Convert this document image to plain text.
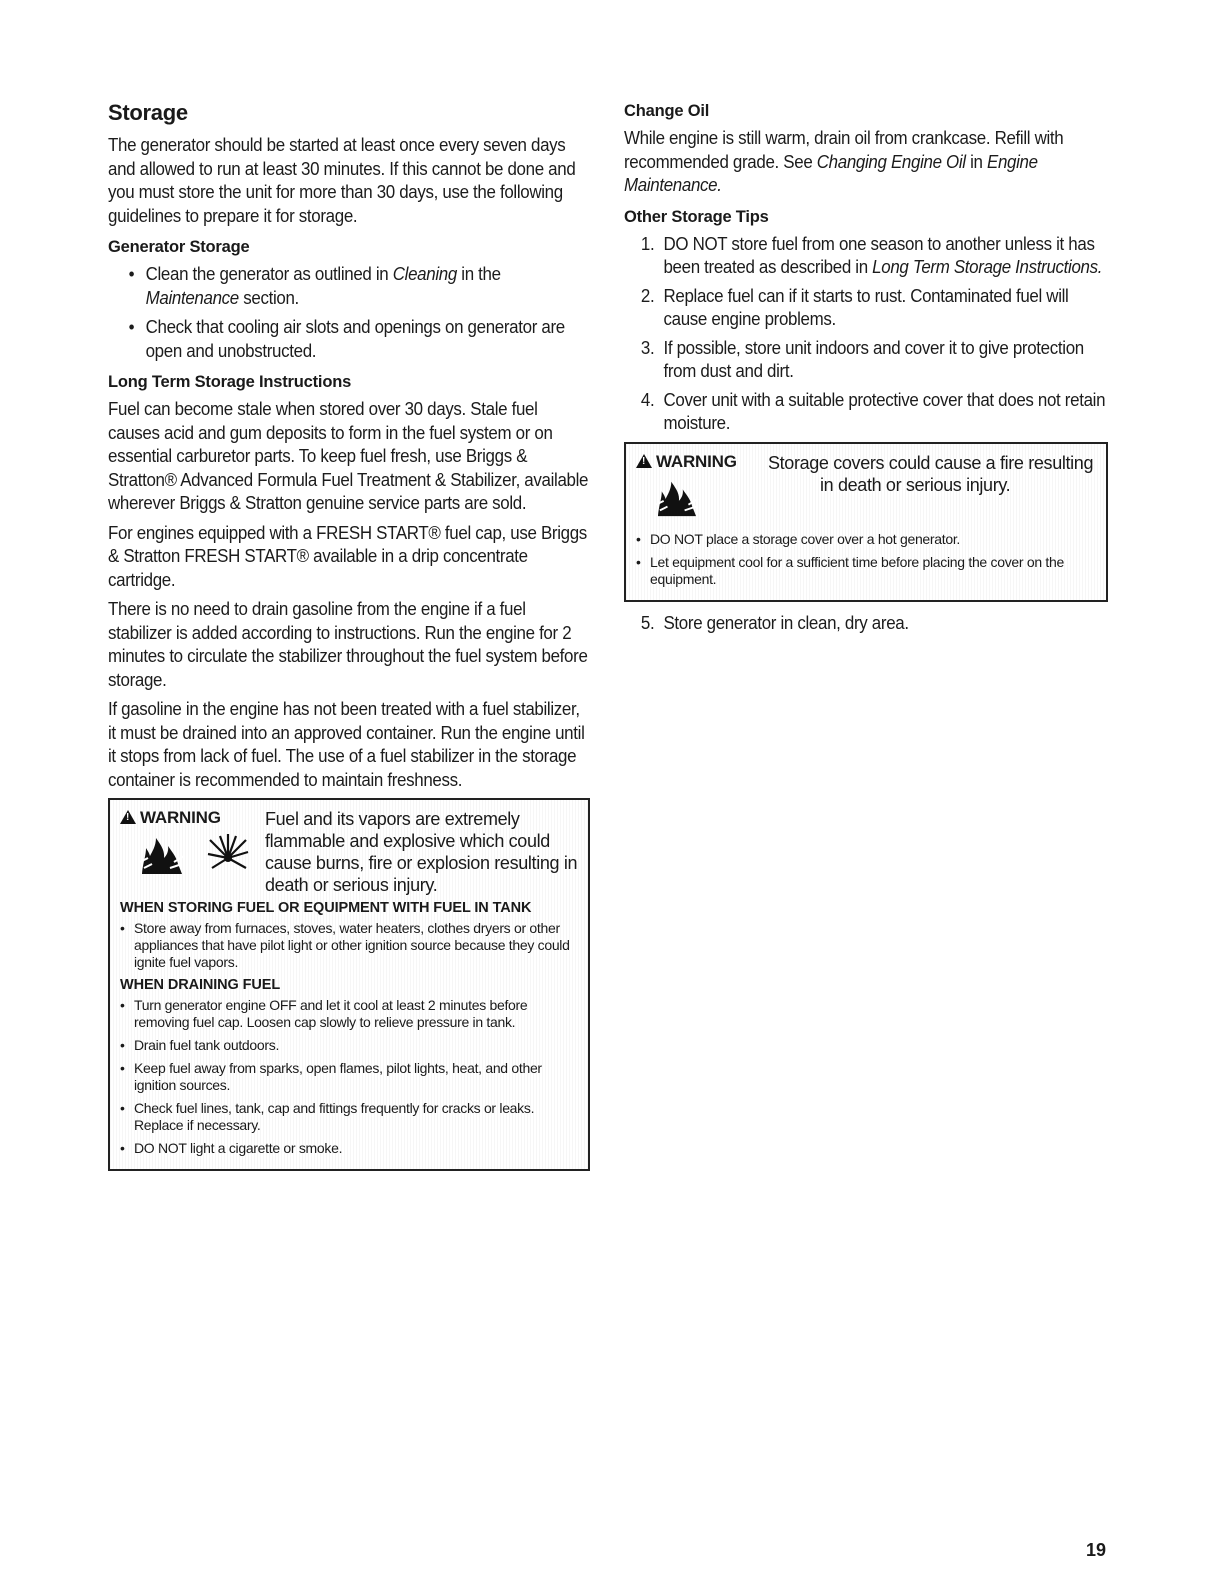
Storage

The generator should be started at least once every seven days and allowed to run at least 30 minutes. If this cannot be done and you must store the unit for more than 30 days, use the following guidelines to prepare it for storage.

Generator Storage
• Clean the generator as outlined in Cleaning in the Maintenance section.
• Check that cooling air slots and openings on generator are open and unobstructed.
Long Term Storage Instructions

Fuel can become stale when stored over 30 days. Stale fuel causes acid and gum deposits to form in the fuel system or on essential carburetor parts. To keep fuel fresh, use Briggs & Stratton® Advanced Formula Fuel Treatment & Stabilizer, available wherever Briggs & Stratton genuine service parts are sold.

For engines equipped with a FRESH START® fuel cap, use Briggs & Stratton FRESH START® available in a drip concentrate cartridge.

There is no need to drain gasoline from the engine if a fuel stabilizer is added according to instructions. Run the engine for 2 minutes to circulate the stabilizer throughout the fuel system before storage.

If gasoline in the engine has not been treated with a fuel stabilizer, it must be drained into an approved container. Run the engine until it stops from lack of fuel. The use of a fuel stabilizer in the storage container is recommended to maintain freshness.

!WARNING	Fuel and its vapors are extremely flammable and explosive which could cause burns, fire or explosion resulting in death or serious injury.
WHEN STORING FUEL OR EQUIPMENT WITH FUEL IN TANK
• Store away from furnaces, stoves, water heaters, clothes dryers or other appliances that have pilot light or other ignition source because they could ignite fuel vapors.
WHEN DRAINING FUEL
• Turn generator engine OFF and let it cool at least 2 minutes before removing fuel cap. Loosen cap slowly to relieve pressure in tank.
• Drain fuel tank outdoors.
• Keep fuel away from sparks, open flames, pilot lights, heat, and other ignition sources.
• Check fuel lines, tank, cap and fittings frequently for cracks or leaks. Replace if necessary.
• DO NOT light a cigarette or smoke.
Change Oil

While engine is still warm, drain oil from crankcase. Refill with recommended grade. See Changing Engine Oil in Engine Maintenance.

Other Storage Tips
1. DO NOT store fuel from one season to another unless it has been treated as described in Long Term Storage Instructions.
2. Replace fuel can if it starts to rust. Contaminated fuel will cause engine problems.
3. If possible, store unit indoors and cover it to give protection from dust and dirt.
4. Cover unit with a suitable protective cover that does not retain moisture.
!WARNING Storage covers could cause a fire resulting in death or serious injury.
• DO NOT place a storage cover over a hot generator.
• Let equipment cool for a sufficient time before placing the cover on the equipment.
5. Store generator in clean, dry area.
19
